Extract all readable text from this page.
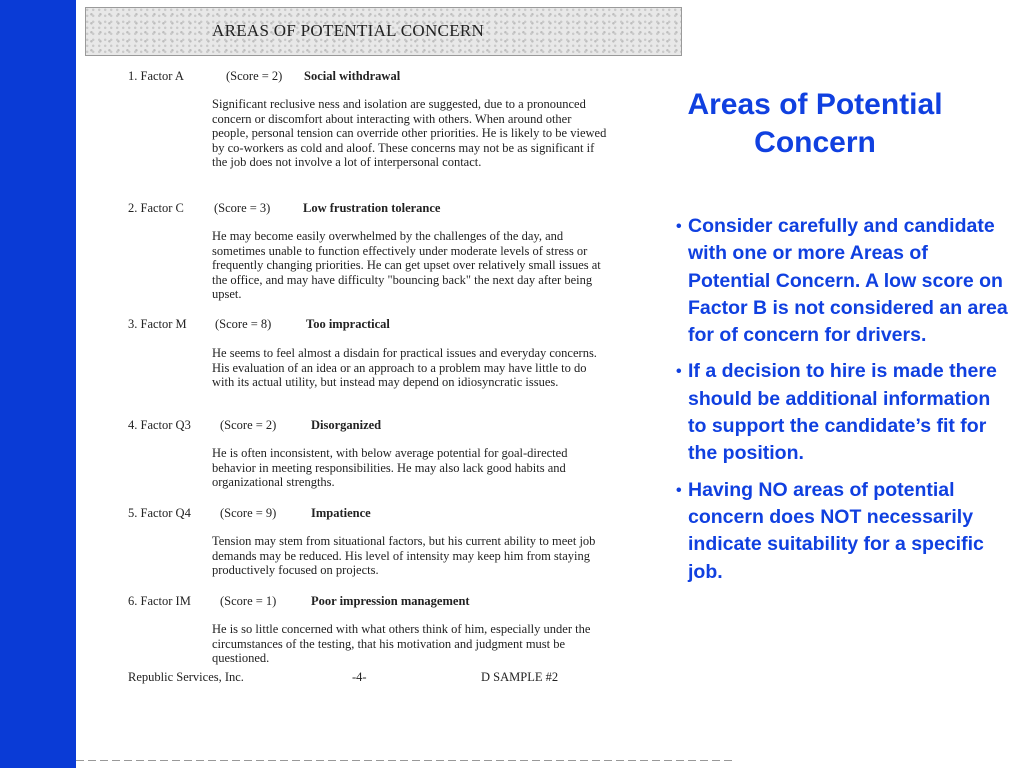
AREAS OF POTENTIAL CONCERN
1. Factor A	(Score = 2) Social withdrawal
Significant reclusive ness and isolation are suggested, due to a pronounced concern or discomfort about interacting with others. When around other people, personal tension can override other priorities. He is likely to be viewed by co-workers as cold and aloof. These concerns may not be as significant if the job does not involve a lot of interpersonal contact.
2. Factor C (Score = 3)	Low frustration tolerance
He may become easily overwhelmed by the challenges of the day, and sometimes unable to function effectively under moderate levels of stress or frequently changing priorities. He can get upset over relatively small issues at the office, and may have difficulty "bouncing back" the next day after being upset.
3. Factor M (Score = 8)	Too impractical
He seems to feel almost a disdain for practical issues and everyday concerns. His evaluation of an idea or an approach to a problem may have little to do with its actual utility, but instead may depend on idiosyncratic issues.
4. Factor Q3 (Score = 2)	Disorganized
He is often inconsistent, with below average potential for goal-directed behavior in meeting responsibilities. He may also lack good habits and organizational strengths.
5. Factor Q4 (Score = 9)	Impatience
Tension may stem from situational factors, but his current ability to meet job demands may be reduced. His level of intensity may keep him from staying productively focused on projects.
6. Factor IM (Score = 1)	Poor impression management
He is so little concerned with what others think of him, especially under the circumstances of the testing, that his motivation and judgment must be questioned.
Republic Services, Inc.	-4-	D SAMPLE #2
Areas of Potential Concern
• Consider carefully and candidate with one or more Areas of Potential Concern. A low score on Factor B is not considered an area for of concern for drivers.
• If a decision to hire is made there should be additional information to support the candidate’s fit for the position.
• Having NO areas of potential concern does NOT necessarily indicate suitability for a specific job.
